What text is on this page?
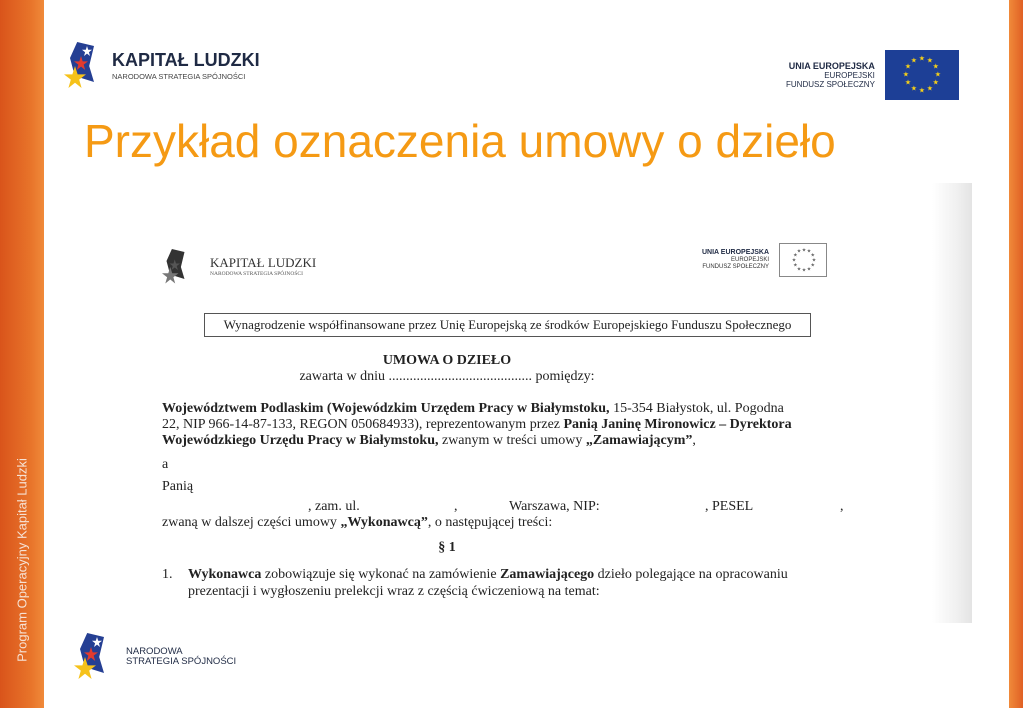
Program Operacyjny Kapitał Ludzki
KAPITAŁ LUDZKI
NARODOWA STRATEGIA SPÓJNOŚCI
UNIA EUROPEJSKA
EUROPEJSKI
FUNDUSZ SPOŁECZNY
★
★
★
★
★
★
★
★
★ ★ ★
★
Przykład oznaczenia umowy o dzieło
KAPITAŁ LUDZKI
NARODOWA STRATEGIA SPÓJNOŚCI
UNIA EUROPEJSKA
EUROPEJSKI
FUNDUSZ SPOŁECZNY
★
★
★
★
★
★
★
★
★ ★ ★
★
Wynagrodzenie współfinansowane przez Unię Europejską ze środków Europejskiego Funduszu Społecznego
UMOWA O DZIEŁO
zawarta w dniu ......................................... pomiędzy:
Województwem Podlaskim (Wojewódzkim Urzędem Pracy w Białymstoku, 15-354 Białystok, ul. Pogodna
22, NIP 966-14-87-133, REGON 050684933), reprezentowanym przez Panią Janinę Mironowicz – Dyrektora
Wojewódzkiego Urzędu Pracy w Białymstoku, zwanym w treści umowy „Zamawiającym”,
a
Panią
, zam. ul.	,	Warszawa, NIP:	, PESEL	,
zwaną w dalszej części umowy „Wykonawcą”, o następującej treści:
§ 1
1. Wykonawca zobowiązuje się wykonać na zamówienie Zamawiającego dzieło polegające na opracowaniu
prezentacji i wygłoszeniu prelekcji wraz z częścią ćwiczeniową na temat:
NARODOWA
STRATEGIA SPÓJNOŚCI
